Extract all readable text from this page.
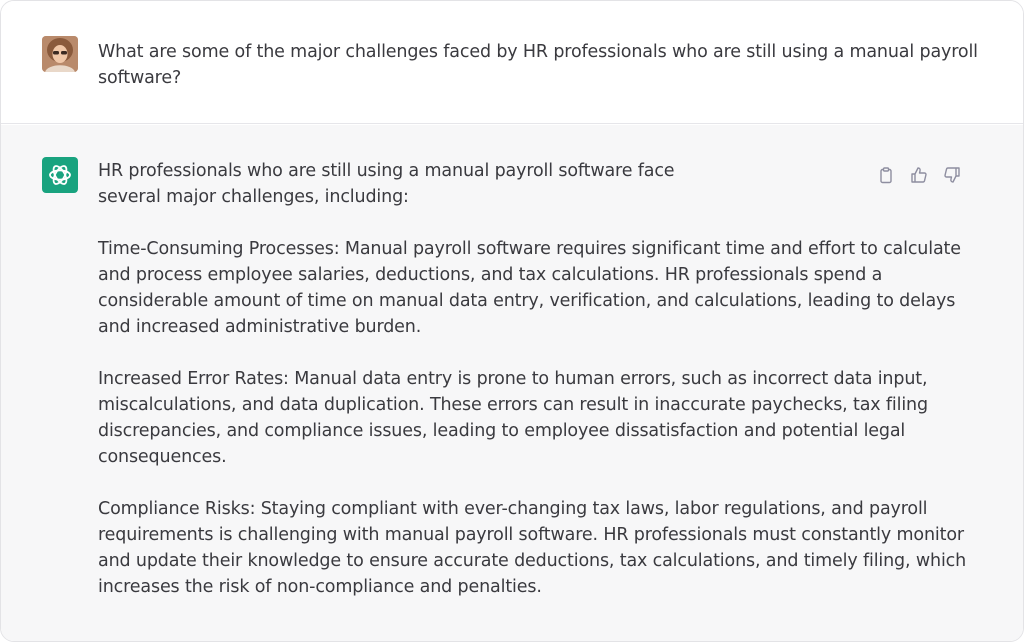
What are some of the major challenges faced by HR professionals who are still using a manual payroll software?
HR professionals who are still using a manual payroll software face several major challenges, including:

Time-Consuming Processes: Manual payroll software requires significant time and effort to calculate and process employee salaries, deductions, and tax calculations. HR professionals spend a considerable amount of time on manual data entry, verification, and calculations, leading to delays and increased administrative burden.

Increased Error Rates: Manual data entry is prone to human errors, such as incorrect data input, miscalculations, and data duplication. These errors can result in inaccurate paychecks, tax filing discrepancies, and compliance issues, leading to employee dissatisfaction and potential legal consequences.

Compliance Risks: Staying compliant with ever-changing tax laws, labor regulations, and payroll requirements is challenging with manual payroll software. HR professionals must constantly monitor and update their knowledge to ensure accurate deductions, tax calculations, and timely filing, which increases the risk of non-compliance and penalties.
